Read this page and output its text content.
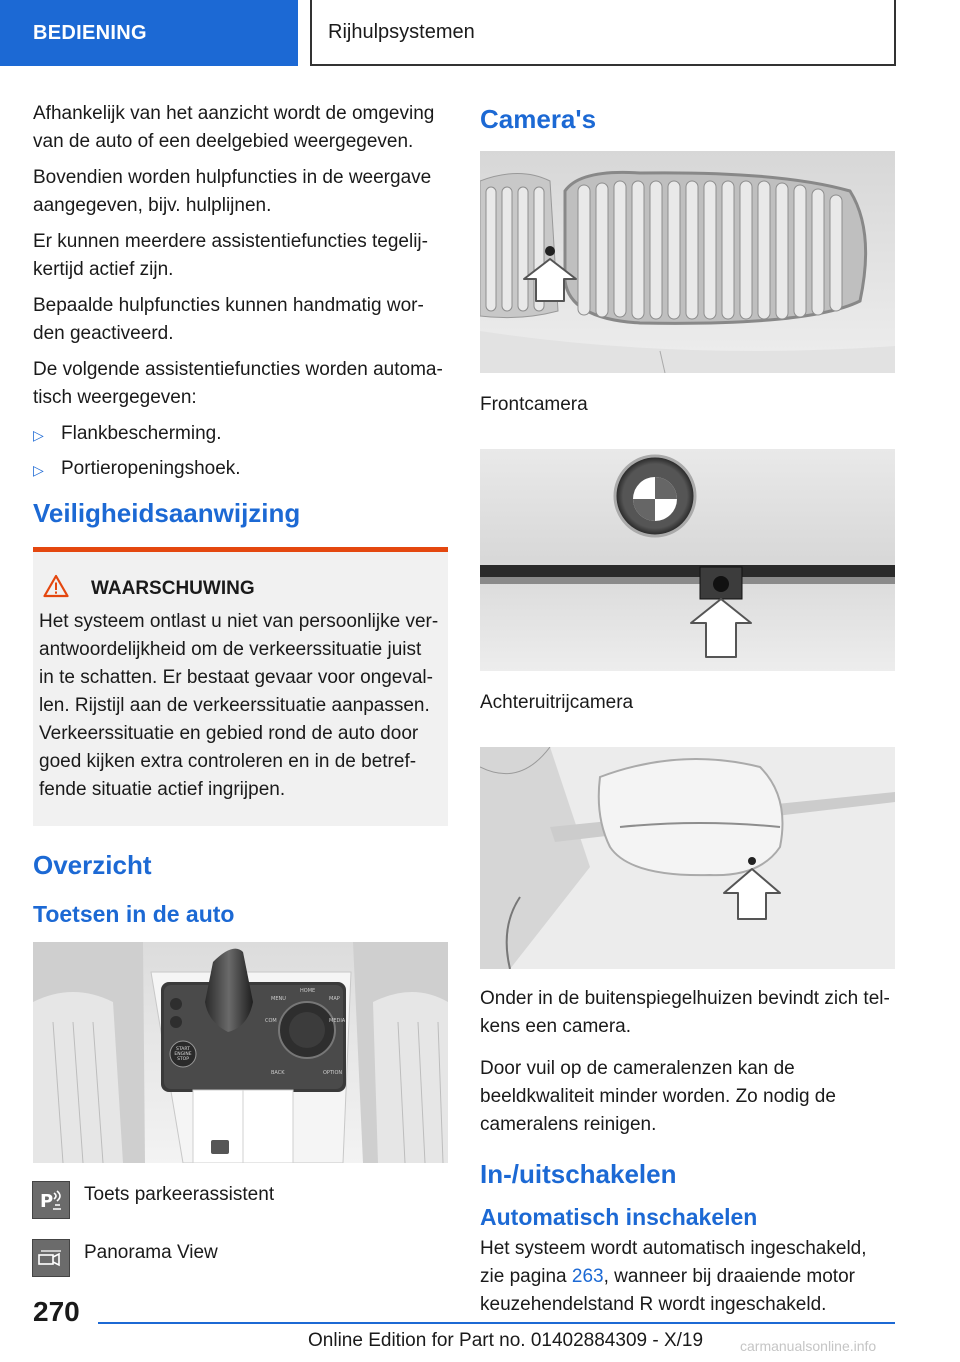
BEDIENING	Rijhulpsystemen

Afhankelijk van het aanzicht wordt de omgeving van de auto of een deelgebied weergegeven.

Bovendien worden hulpfuncties in de weergave aangegeven, bijv. hulplijnen.

Er kunnen meerdere assistentiefuncties tegelijkertijd actief zijn.

Bepaalde hulpfuncties kunnen handmatig worden geactiveerd.

De volgende assistentiefuncties worden automatisch weergegeven:

▷ Flankbescherming.
▷ Portieropeningshoek.
Veiligheidsaanwijzing
WAARSCHUWING

Het systeem ontlast u niet van persoonlijke verantwoordelijkheid om de verkeerssituatie juist in te schatten. Er bestaat gevaar voor ongevallen. Rijstijl aan de verkeerssituatie aanpassen. Verkeerssituatie en gebied rond de auto door goed kijken extra controleren en in de betreffende situatie actief ingrijpen.

Overzicht
Toetsen in de auto
START
ENGINE
STOP
MENU
HOME
MAP
COM	MEDIA
BACK	OPTION
P Toets parkeerassistent
Panorama View
Camera's

Frontcamera

Achteruitrijcamera

Onder in de buitenspiegelhuizen bevindt zich telkens een camera.

Door vuil op de cameralenzen kan de beeldkwaliteit minder worden. Zo nodig de cameralens reinigen.

In-/uitschakelen
Automatisch inschakelen

Het systeem wordt automatisch ingeschakeld, zie pagina 263, wanneer bij draaiende motor keuzehendelstand R wordt ingeschakeld.

270
Online Edition for Part no. 01402884309 - X/19	carmanualsonline.info
